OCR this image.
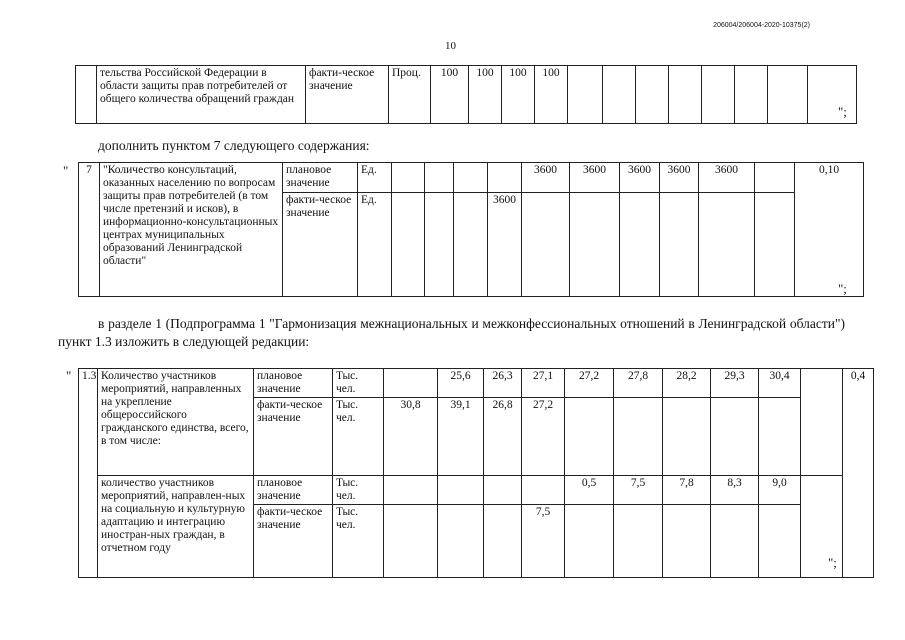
206004/206004-2020-10375(2)
10
	тельства Российской Федерации в области защиты прав потребителей от общего количества обращений граждан	факти-ческое значение	Проц.	100	100	100	100								
";
дополнить пунктом 7 следующего содержания:
" 7	"Количество консультаций, оказанных населению по вопросам защиты прав потребителей (в том числе претензий и исков), в информационно-консультационных центрах муниципальных образований Ленинградской области"	плановое значение	Ед.					3600	3600	3600	3600	3600		0,10
		факти-ческое значение	Ед.				3600							
";
в разделе 1 (Подпрограмма 1 "Гармонизация межнациональных и межконфессиональных отношений в Ленинградской области") пункт 1.3 изложить в следующей редакции:
" 1.3	Количество участников мероприятий, направленных на укрепление общероссийского гражданского единства, всего, в том числе:	плановое значение	Тыс. чел.		25,6	26,3	27,1	27,2	27,8	28,2	29,3	30,4		0,4
		факти-ческое значение	Тыс. чел.	30,8	39,1	26,8	27,2							
	количество участников мероприятий, направлен-ных на социальную и культурную адаптацию и интеграцию иностран-ных граждан, в отчетном году	плановое значение	Тыс. чел.					0,5	7,5	7,8	8,3	9,0		
		факти-ческое значение	Тыс. чел.				7,5							
";
